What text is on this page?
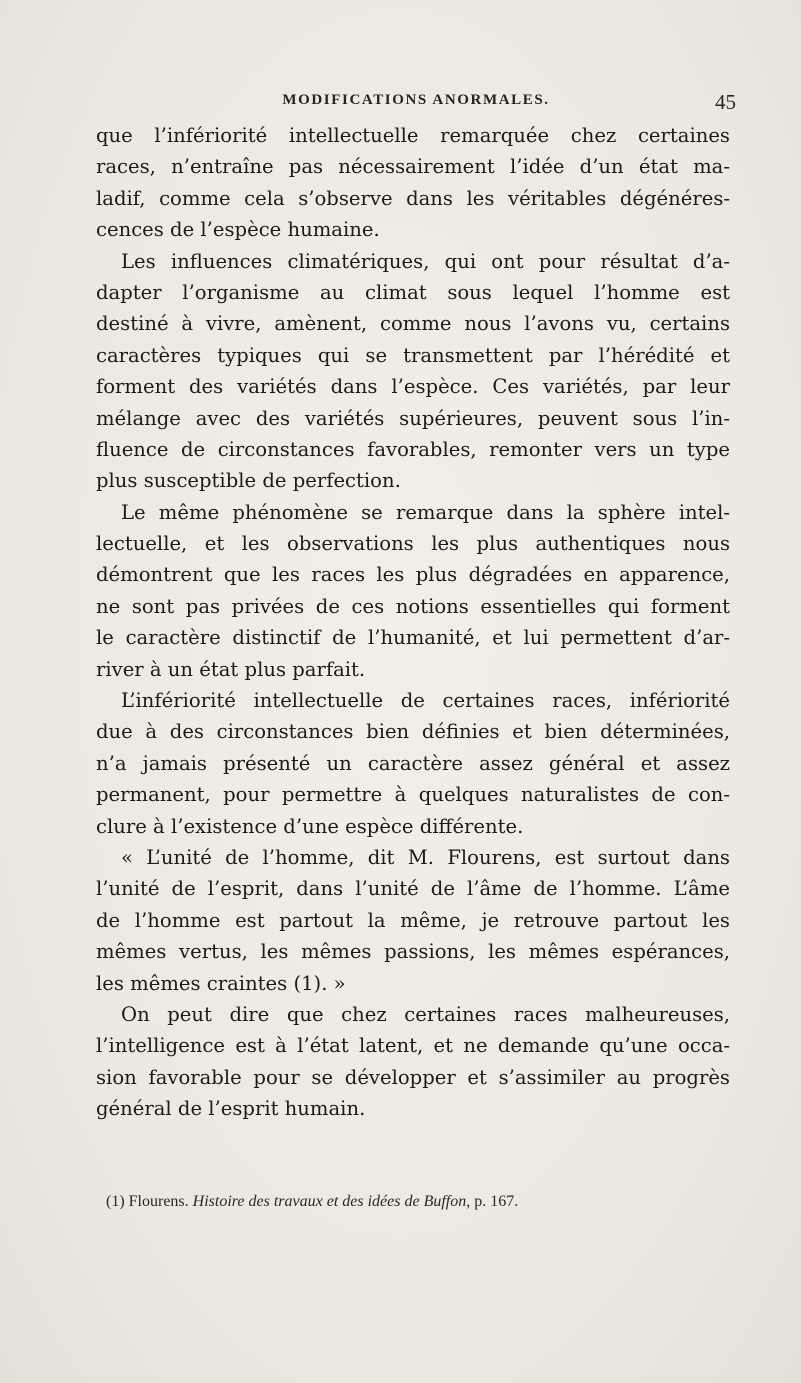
MODIFICATIONS ANORMALES.	45
que l’infériorité intellectuelle remarquée chez certaines
races, n’entraîne pas nécessairement l’idée d’un état ma-
ladif, comme cela s’observe dans les véritables dégénéres-
cences de l’espèce humaine.
Les influences climatériques, qui ont pour résultat d’a-
dapter l’organisme au climat sous lequel l’homme est
destiné à vivre, amènent, comme nous l’avons vu, certains
caractères typiques qui se transmettent par l’hérédité et
forment des variétés dans l’espèce. Ces variétés, par leur
mélange avec des variétés supérieures, peuvent sous l’in-
fluence de circonstances favorables, remonter vers un type
plus susceptible de perfection.
Le même phénomène se remarque dans la sphère intel-
lectuelle, et les observations les plus authentiques nous
démontrent que les races les plus dégradées en apparence,
ne sont pas privées de ces notions essentielles qui forment
le caractère distinctif de l’humanité, et lui permettent d’ar-
river à un état plus parfait.
L’infériorité intellectuelle de certaines races, infériorité
due à des circonstances bien définies et bien déterminées,
n’a jamais présenté un caractère assez général et assez
permanent, pour permettre à quelques naturalistes de con-
clure à l’existence d’une espèce différente.
« L’unité de l’homme, dit M. Flourens, est surtout dans
l’unité de l’esprit, dans l’unité de l’âme de l’homme. L’âme
de l’homme est partout la même, je retrouve partout les
mêmes vertus, les mêmes passions, les mêmes espérances,
les mêmes craintes (1). »
On peut dire que chez certaines races malheureuses,
l’intelligence est à l’état latent, et ne demande qu’une occa-
sion favorable pour se développer et s’assimiler au progrès
général de l’esprit humain.
(1) Flourens. Histoire des travaux et des idées de Buffon, p. 167.
